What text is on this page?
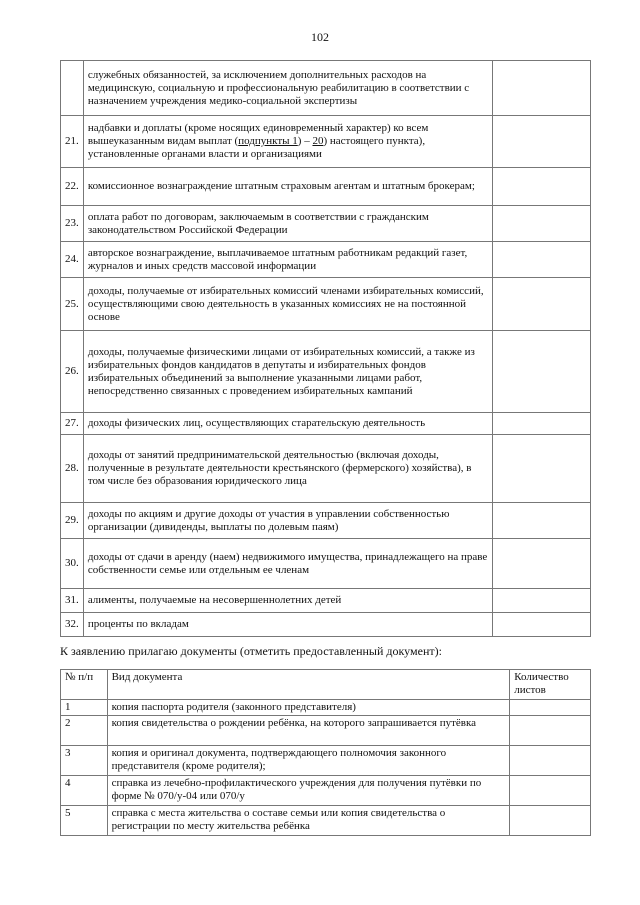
102
	служебных обязанностей, за исключением дополнительных расходов на медицинскую, социальную и профессиональную реабилитацию в соответствии с назначением учреждения медико-социальной экспертизы	
21.	надбавки и доплаты (кроме носящих единовременный характер) ко всем вышеуказанным видам выплат (подпункты 1) – 20) настоящего пункта), установленные органами власти и организациями	
22.	комиссионное вознаграждение штатным страховым агентам и штатным брокерам;	
23.	оплата работ по договорам, заключаемым в соответствии с гражданским законодательством Российской Федерации	
24.	авторское вознаграждение, выплачиваемое штатным работникам редакций газет, журналов и иных средств массовой информации	
25.	доходы, получаемые от избирательных комиссий членами избирательных комиссий, осуществляющими свою деятельность в указанных комиссиях не на постоянной основе	
26.	доходы, получаемые физическими лицами от избирательных комиссий, а также из избирательных фондов кандидатов в депутаты и избирательных фондов избирательных объединений за выполнение указанными лицами работ, непосредственно связанных с проведением избирательных кампаний	
27.	доходы физических лиц, осуществляющих старательскую деятельность	
28.	доходы от занятий предпринимательской деятельностью (включая доходы, полученные в результате деятельности крестьянского (фермерского) хозяйства), в том числе без образования юридического лица	
29.	доходы по акциям и другие доходы от участия в управлении собственностью организации (дивиденды, выплаты по долевым паям)	
30.	доходы от сдачи в аренду (наем) недвижимого имущества, принадлежащего на праве собственности семье или отдельным ее членам	
31.	алименты, получаемые на несовершеннолетних детей	
32.	проценты по вкладам	
К заявлению прилагаю документы (отметить предоставленный документ):
№ п/п	Вид документа	Количество листов
1	копия паспорта родителя (законного представителя)	
2	копия свидетельства о рождении ребёнка, на которого запрашивается путёвка	
3	копия и оригинал документа, подтверждающего полномочия законного представителя (кроме родителя);	
4	справка из лечебно-профилактического учреждения для получения путёвки по форме № 070/у-04 или 070/у	
5	справка с места жительства о составе семьи или копия свидетельства о регистрации по месту жительства ребёнка	
